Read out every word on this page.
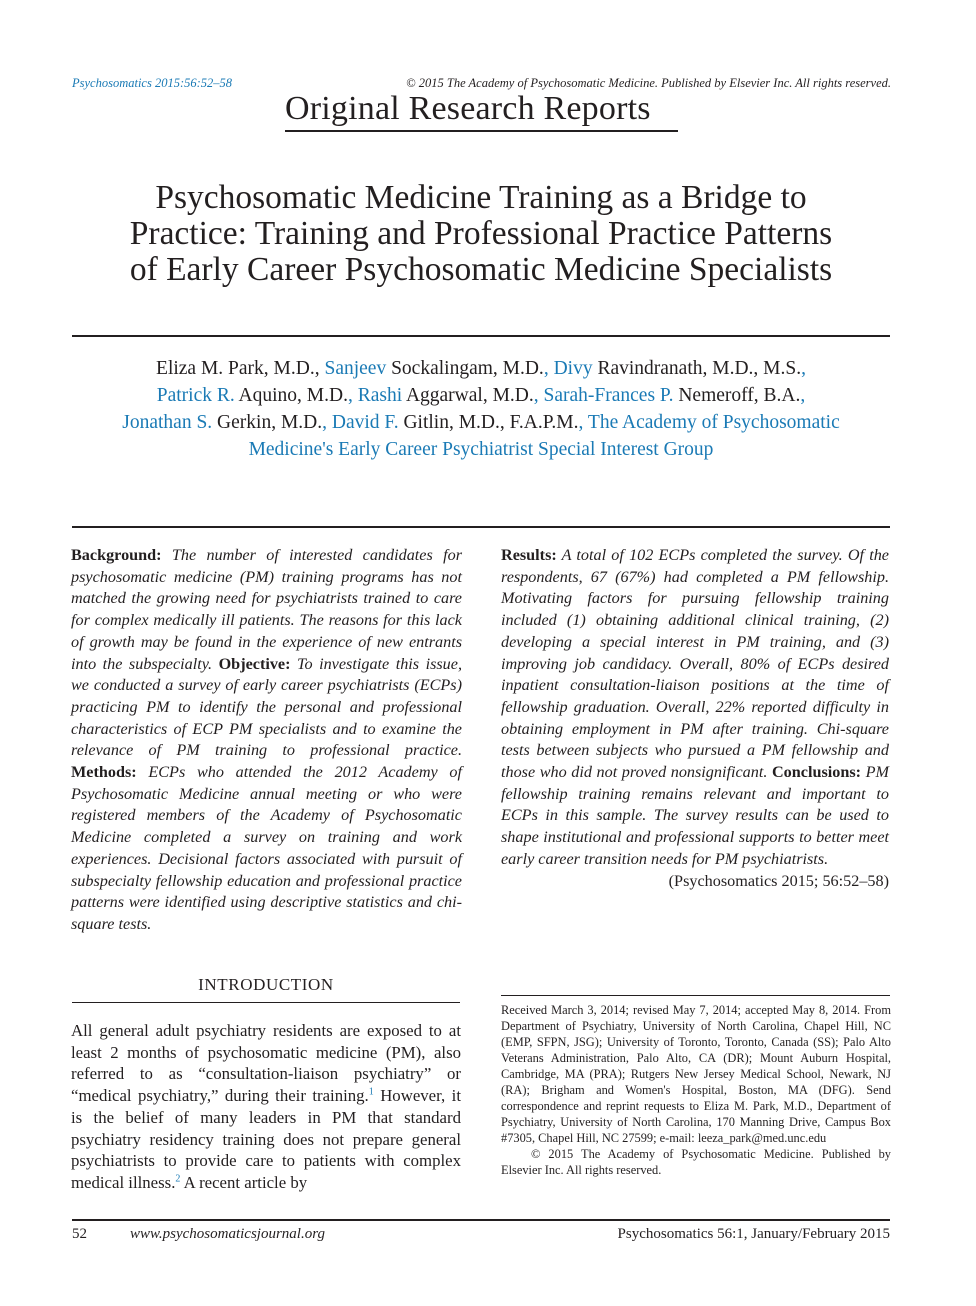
Psychosomatics 2015:56:52–58	© 2015 The Academy of Psychosomatic Medicine. Published by Elsevier Inc. All rights reserved.
Original Research Reports
Psychosomatic Medicine Training as a Bridge to
Practice: Training and Professional Practice Patterns
of Early Career Psychosomatic Medicine Specialists
Eliza M. Park, M.D., Sanjeev Sockalingam, M.D., Divy Ravindranath, M.D., M.S.,
Patrick R. Aquino, M.D., Rashi Aggarwal, M.D., Sarah-Frances P. Nemeroff, B.A.,
Jonathan S. Gerkin, M.D., David F. Gitlin, M.D., F.A.P.M., The Academy of Psychosomatic
Medicine's Early Career Psychiatrist Special Interest Group
Background: The number of interested candidates for psychosomatic medicine (PM) training programs has not matched the growing need for psychiatrists trained to care for complex medically ill patients. The reasons for this lack of growth may be found in the experience of new entrants into the subspecialty. Objective: To investigate this issue, we conducted a survey of early career psychiatrists (ECPs) practicing PM to identify the personal and professional characteristics of ECP PM specialists and to examine the relevance of PM training to professional practice. Methods: ECPs who attended the 2012 Academy of Psychosomatic Medicine annual meeting or who were registered members of the Academy of Psychosomatic Medicine completed a survey on training and work experiences. Decisional factors associated with pursuit of subspecialty fellowship education and professional practice patterns were identified using descriptive statistics and chi-square tests.
Results: A total of 102 ECPs completed the survey. Of the respondents, 67 (67%) had completed a PM fellowship. Motivating factors for pursuing fellowship training included (1) obtaining additional clinical training, (2) developing a special interest in PM training, and (3) improving job candidacy. Overall, 80% of ECPs desired inpatient consultation-liaison positions at the time of fellowship graduation. Overall, 22% reported difficulty in obtaining employment in PM after training. Chi-square tests between subjects who pursued a PM fellowship and those who did not proved nonsignificant. Conclusions: PM fellowship training remains relevant and important to ECPs in this sample. The survey results can be used to shape institutional and professional supports to better meet early career transition needs for PM psychiatrists.
(Psychosomatics 2015; 56:52–58)
INTRODUCTION
All general adult psychiatry residents are exposed to at least 2 months of psychosomatic medicine (PM), also referred to as “consultation-liaison psychiatry” or “medical psychiatry,” during their training.$^1$ However, it is the belief of many leaders in PM that standard psychiatry residency training does not prepare general psychiatrists to provide care to patients with complex medical illness.$^2$ A recent article by

Received March 3, 2014; revised May 7, 2014; accepted May 8, 2014. From Department of Psychiatry, University of North Carolina, Chapel Hill, NC (EMP, SFPN, JSG); University of Toronto, Toronto, Canada (SS); Palo Alto Veterans Administration, Palo Alto, CA (DR); Mount Auburn Hospital, Cambridge, MA (PRA); Rutgers New Jersey Medical School, Newark, NJ (RA); Brigham and Women's Hospital, Boston, MA (DFG). Send correspondence and reprint requests to Eliza M. Park, M.D., Department of Psychiatry, University of North Carolina, 170 Manning Drive, Campus Box #7305, Chapel Hill, NC 27599; e-mail: leeza_park@med.unc.edu

© 2015 The Academy of Psychosomatic Medicine. Published by Elsevier Inc. All rights reserved.

52	www.psychosomaticsjournal.org	Psychosomatics 56:1, January/February 2015
